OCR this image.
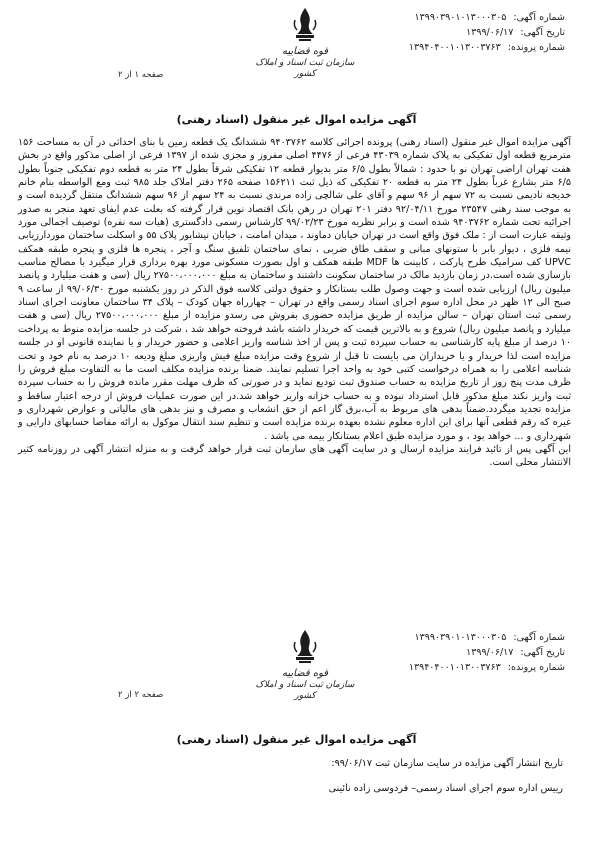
شماره آگهی: ۱۳۹۹۰۳۹۰۱۰۱۳۰۰۰۳۰۵
تاریخ آگهی: ۱۳۹۹/۰۶/۱۷
شماره پرونده: ۱۳۹۴۰۴۰۰۱۰۱۳۰۰۳۷۶۳
قوه قضاییه
سازمان ثبت اسناد و املاک کشور
صفحه ۱ از ۲
آگهی مزایده اموال غیر منقول (اسناد رهنی)

آگهی مزایده اموال غیر منقول (اسناد رهنی) پرونده اجرائی کلاسه ۹۴۰۳۷۶۲ ششدانگ یک قطعه زمین با بنای احداثی در آن به مساحت ۱۵۶ مترمربع قطعه اول تفکیکی به پلاک شماره ۴۳۰۳۹ فرعی از ۴۴۷۶ اصلی مفروز و مجزی شده از ۱۳۹۷ فرعی از اصلی مذکور واقع در بخش هفت تهران اراضی تهران نو با حدود : شمالاً بطول ۶/۵ متر بدیوار قطعه ۱۲ تفکیکی شرقاً بطول ۲۴ متر به قطعه دوم تفکیکی جنوباً بطول ۶/۵ متر بشارع غرباً بطول ۲۴ متر به قطعه ۲۰ تفکیکی که ذیل ثبت ۱۵۶۲۱۱ صفحه ۲۶۵ دفتر املاک جلد ۹۸۵ ثبت ومع الواسطه بنام خانم خدیجه نادیمی نسبت به ۷۲ سهم از ۹۶ سهم و آقای علی شالچی زاده مرندی نسبت به ۲۴ سهم از ۹۶ سهم ششدانگ منتقل گردیده است و به موجب سند رهنی ۲۳۵۴۷ مورخ ۹۲/۰۴/۱۱ دفتر ۲۰۱ تهران در رهن بانک اقتصاد نوین قرار گرفته که بعلت عدم ایفای تعهد منجر به صدور اجرائیه تحت شماره ۹۴۰۳۷۶۲ شده است و برابر نظریه مورخ ۹۹/۰۲/۲۳ کارشناس رسمی دادگستری (هیات سه نفره) توصیف اجمالی مورد وثیقه عبارت است از : ملک فوق واقع است در تهران خیابان دماوند ، میدان امامت ، خیابان نیشابور پلاک ۵۵ و اسکلت ساختمان موردارزیابی نیمه فلزی ، دیوار بابر با ستونهای مبانی و سقف طاق ضربی ، نمای ساختمان تلفیق سنگ و آجر ، پنجره ها فلزی و پنجره طبقه همکف UPVC کف سرامیک طرح پارکت ، کابینت ها MDF طبقه همکف و اول بصورت مسکونی مورد بهره برداری قرار میگیرد با مصالح مناسب بازسازی شده است.در زمان بازدید مالک در ساختمان سکونت داشتند و ساختمان به مبلغ ۲۷۵۰۰،۰۰۰،۰۰۰ ریال (سی و هفت میلیارد و پانصد میلیون ریال) ارزیابی شده است و جهت وصول طلب بستانکار و حقوق دولتی کلاسه فوق الذکر در روز یکشنبه مورخ ۹۹/۰۶/۳۰ از ساعت ۹ صبح الی ۱۲ ظهر در محل اداره سوم اجرای اسناد رسمی واقع در تهران – چهارراه جهان کودک – پلاک ۳۴ ساختمان معاونت اجرای اسناد رسمی ثبت استان تهران – سالن مزایده از طریق مزایده حضوری بفروش می رسدو مزایده از مبلغ ۲۷۵۰۰،۰۰۰،۰۰۰ ریال (سی و هفت میلیارد و پانصد میلیون ریال) شروع و به بالاترین قیمت که خریدار داشته باشد فروخته خواهد شد ، شرکت در جلسه مزایده منوط به پرداخت ۱۰ درصد از مبلغ پایه کارشناسی به حساب سپرده ثبت و پس از اخذ شناسه واریز اعلامی و حضور خریدار و یا نماینده قانونی او در جلسه مزایده است لذا خریدار و یا خریداران می بایست تا قبل از شروع وقت مزایده مبلغ فیش واریزی مبلغ ودیعه ۱۰ درصد به نام خود و تحت شناسه اعلامی را به همراه درخواست کتبی خود به واحد اجرا تسلیم نمایند. ضمنا برنده مزایده مکلف است ما به التفاوت مبلغ فروش را ظرف مدت پنج روز از تاریخ مزایده به حساب صندوق ثبت تودیع نماید و در صورتی که ظرف مهلت مقرر مانده فروش را به حساب سپرده ثبت واریز نکند مبلغ مذکور قابل استرداد نبوده و به حساب خزانه واریز خواهد شد.در این صورت عملیات فروش از درجه اعتبار ساقط و مزایده تجدید میگردد.ضمناً بدهی های مربوط به آب،برق گاز اعم از حق انشعاب و مصرف و نیز بدهی های مالیاتی و عوارض شهرداری و غیره که رقم قطعی آنها برای این اداره معلوم نشده بعهده برنده مزایده است و تنظیم سند انتقال موکول به ارائه مفاصا حسابهای دارایی و شهرداری و ... خواهد بود ، و مورد مزایده طبق اعلام بستانکار بیمه می باشد .

این آگهی پس از تائید فرایند مزایده ارسال و در سایت آگهی های سازمان ثبت قرار خواهد گرفت و به منزله انتشار آگهی در روزنامه کثیر الانتشار محلی است.

شماره آگهی: ۱۳۹۹۰۳۹۰۱۰۱۳۰۰۰۳۰۵
تاریخ آگهی: ۱۳۹۹/۰۶/۱۷
شماره پرونده: ۱۳۹۴۰۴۰۰۱۰۱۳۰۰۳۷۶۳
قوه قضاییه
سازمان ثبت اسناد و املاک کشور
صفحه ۲ از ۲
آگهی مزایده اموال غیر منقول (اسناد رهنی)

تاریخ انتشار آگهی مزایده در سایت سازمان ثبت ۹۹/۰۶/۱۷:

رییس اداره سوم اجرای اسناد رسمی– فردوسی زاده نائینی
